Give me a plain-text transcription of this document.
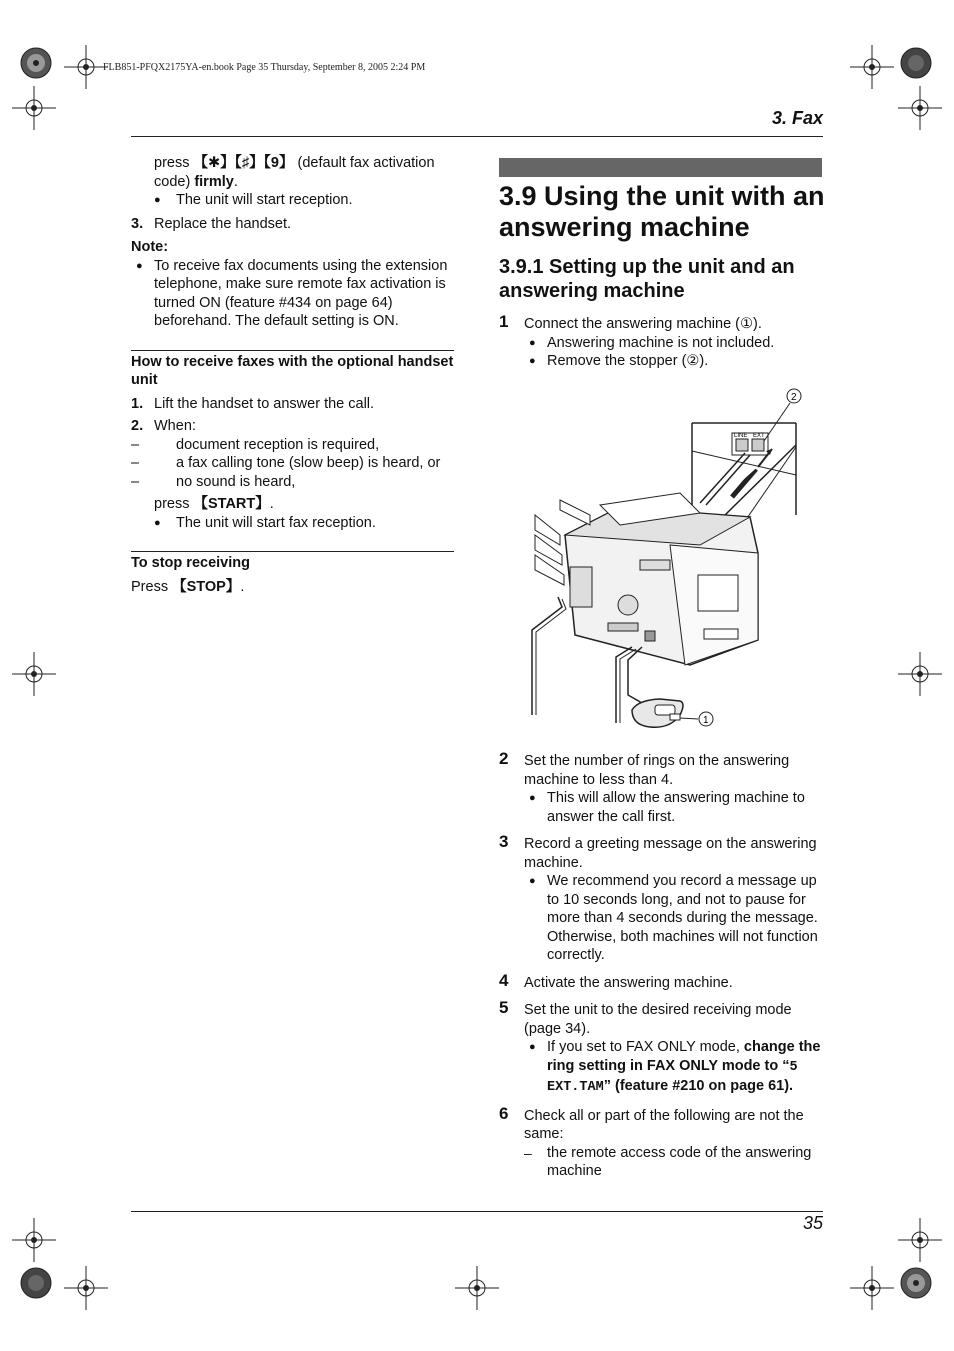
FLB851-PFQX2175YA-en.book Page 35 Thursday, September 8, 2005 2:24 PM
3. Fax
press 【✱】【♯】【9】 (default fax activation code) firmly.
● The unit will start reception.
3. Replace the handset.
Note:
● To receive fax documents using the extension telephone, make sure remote fax activation is turned ON (feature #434 on page 64) beforehand. The default setting is ON.
How to receive faxes with the optional handset unit
1. Lift the handset to answer the call.
2. When:
–	document reception is required,
–	a fax calling tone (slow beep) is heard, or
–	no sound is heard,
press 【START】.
● The unit will start fax reception.
To stop receiving
Press 【STOP】.
3.9 Using the unit with an answering machine
3.9.1 Setting up the unit and an answering machine
1 Connect the answering machine (①).
● Answering machine is not included.
● Remove the stopper (②).
LINE EXT
2
1
2 Set the number of rings on the answering machine to less than 4.
● This will allow the answering machine to answer the call first.
3 Record a greeting message on the answering machine.
● We recommend you record a message up to 10 seconds long, and not to pause for more than 4 seconds during the message. Otherwise, both machines will not function correctly.
4 Activate the answering machine.
5 Set the unit to the desired receiving mode (page 34).
● If you set to FAX ONLY mode, change the ring setting in FAX ONLY mode to “5 EXT.TAM” (feature #210 on page 61).
6 Check all or part of the following are not the same:
– the remote access code of the answering machine
35
